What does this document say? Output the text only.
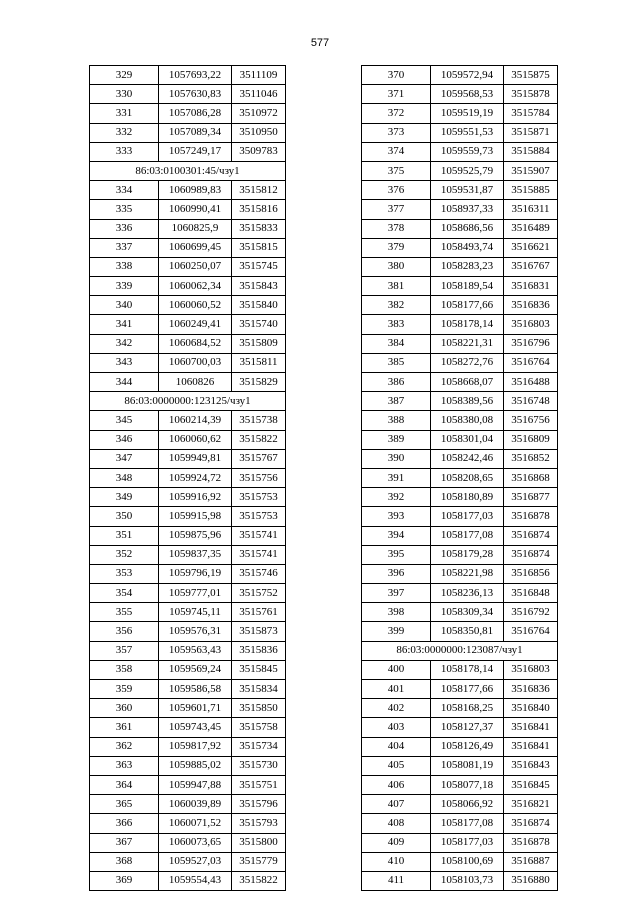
577
329	1057693,22	3511109
330	1057630,83	3511046
331	1057086,28	3510972
332	1057089,34	3510950
333	1057249,17	3509783
86:03:0100301:45/чзу1		
334	1060989,83	3515812
335	1060990,41	3515816
336	1060825,9	3515833
337	1060699,45	3515815
338	1060250,07	3515745
339	1060062,34	3515843
340	1060060,52	3515840
341	1060249,41	3515740
342	1060684,52	3515809
343	1060700,03	3515811
344	1060826	3515829
86:03:0000000:123125/чзу1		
345	1060214,39	3515738
346	1060060,62	3515822
347	1059949,81	3515767
348	1059924,72	3515756
349	1059916,92	3515753
350	1059915,98	3515753
351	1059875,96	3515741
352	1059837,35	3515741
353	1059796,19	3515746
354	1059777,01	3515752
355	1059745,11	3515761
356	1059576,31	3515873
357	1059563,43	3515836
358	1059569,24	3515845
359	1059586,58	3515834
360	1059601,71	3515850
361	1059743,45	3515758
362	1059817,92	3515734
363	1059885,02	3515730
364	1059947,88	3515751
365	1060039,89	3515796
366	1060071,52	3515793
367	1060073,65	3515800
368	1059527,03	3515779
369	1059554,43	3515822
370	1059572,94	3515875
371	1059568,53	3515878
372	1059519,19	3515784
373	1059551,53	3515871
374	1059559,73	3515884
375	1059525,79	3515907
376	1059531,87	3515885
377	1058937,33	3516311
378	1058686,56	3516489
379	1058493,74	3516621
380	1058283,23	3516767
381	1058189,54	3516831
382	1058177,66	3516836
383	1058178,14	3516803
384	1058221,31	3516796
385	1058272,76	3516764
386	1058668,07	3516488
387	1058389,56	3516748
388	1058380,08	3516756
389	1058301,04	3516809
390	1058242,46	3516852
391	1058208,65	3516868
392	1058180,89	3516877
393	1058177,03	3516878
394	1058177,08	3516874
395	1058179,28	3516874
396	1058221,98	3516856
397	1058236,13	3516848
398	1058309,34	3516792
399	1058350,81	3516764
86:03:0000000:123087/чзу1		
400	1058178,14	3516803
401	1058177,66	3516836
402	1058168,25	3516840
403	1058127,37	3516841
404	1058126,49	3516841
405	1058081,19	3516843
406	1058077,18	3516845
407	1058066,92	3516821
408	1058177,08	3516874
409	1058177,03	3516878
410	1058100,69	3516887
411	1058103,73	3516880
